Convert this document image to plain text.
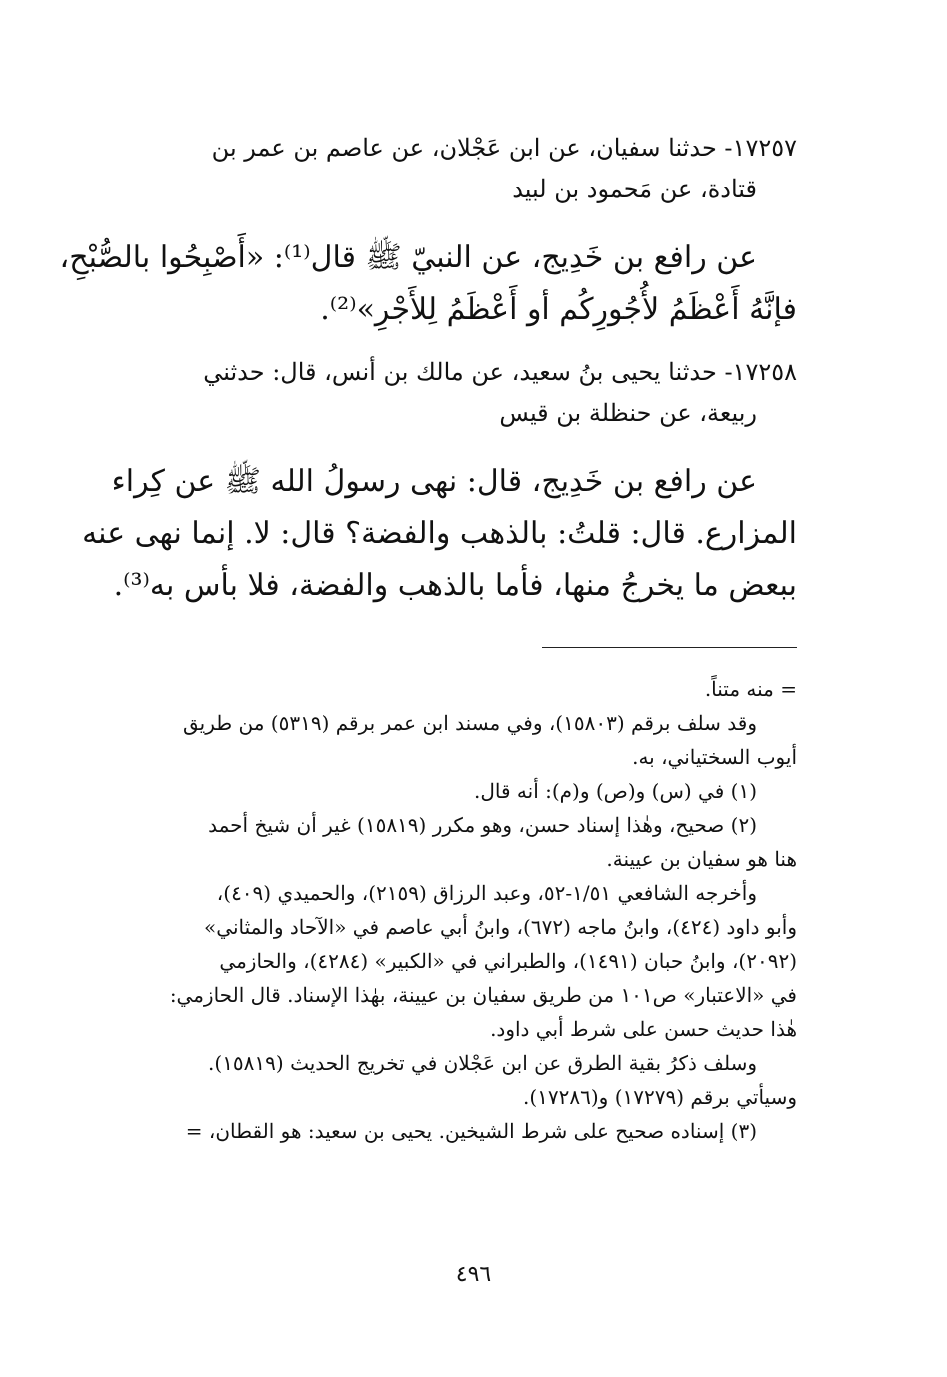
١٧٢٥٧- حدثنا سفيان، عن ابن عَجْلان، عن عاصم بن عمر بن
قتادة، عن مَحمود بن لبيد
عن رافع بن خَدِيج، عن النبيّ ﷺ قال⁽¹⁾: «أَصْبِحُوا بالصُّبْحِ،
فإنَّهُ أَعْظَمُ لأُجُورِكُم أو أَعْظَمُ لِلأَجْرِ»⁽²⁾.
١٧٢٥٨- حدثنا يحيى بنُ سعيد، عن مالك بن أنس، قال: حدثني
ربيعة، عن حنظلة بن قيس
عن رافع بن خَدِيج، قال: نهى رسولُ الله ﷺ عن كِراء
المزارع. قال: قلتُ: بالذهب والفضة؟ قال: لا. إنما نهى عنه
ببعض ما يخرجُ منها، فأما بالذهب والفضة، فلا بأس به⁽³⁾.
= منه متناً.
وقد سلف برقم (١٥٨٠٣)، وفي مسند ابن عمر برقم (٥٣١٩) من طريق
أيوب السختياني، به.
(١) في (س) و(ص) و(م): أنه قال.
(٢) صحيح، وهٰذا إسناد حسن، وهو مكرر (١٥٨١٩) غير أن شيخ أحمد
هنا هو سفيان بن عيينة.
وأخرجه الشافعي ١/٥١-٥٢، وعبد الرزاق (٢١٥٩)، والحميدي (٤٠٩)،
وأبو داود (٤٢٤)، وابنُ ماجه (٦٧٢)، وابنُ أبي عاصم في «الآحاد والمثاني»
(٢٠٩٢)، وابنُ حبان (١٤٩١)، والطبراني في «الكبير» (٤٢٨٤)، والحازمي
في «الاعتبار» ص١٠١ من طريق سفيان بن عيينة، بهٰذا الإسناد. قال الحازمي:
هٰذا حديث حسن على شرط أبي داود.
وسلف ذكرُ بقية الطرق عن ابن عَجْلان في تخريج الحديث (١٥٨١٩).
وسيأتي برقم (١٧٢٧٩) و(١٧٢٨٦).
(٣) إسناده صحيح على شرط الشيخين. يحيى بن سعيد: هو القطان، =
٤٩٦
